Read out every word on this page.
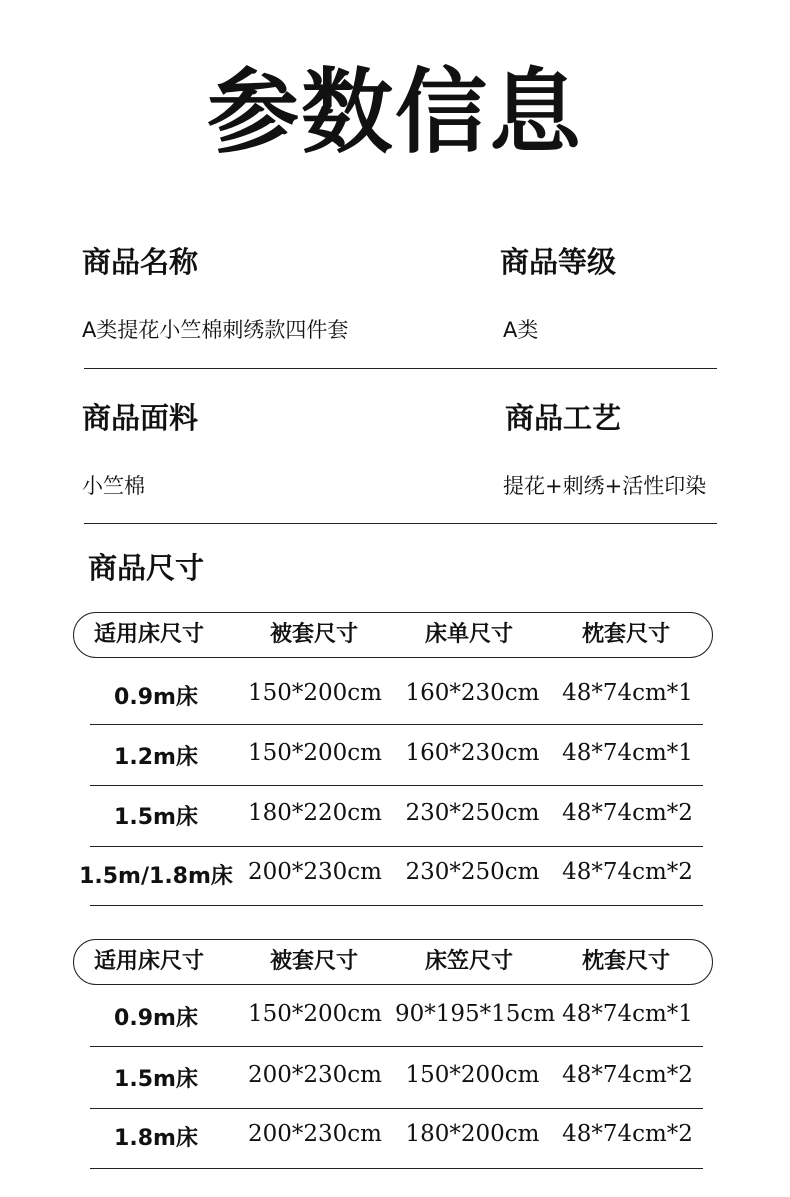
参数信息
商品名称	商品等级
A类提花小竺棉刺绣款四件套	A类
商品面料	商品工艺
小竺棉	提花+刺绣+活性印染
商品尺寸
适用床尺寸	被套尺寸	床单尺寸	枕套尺寸
0.9m床	150*200cm	160*230cm 48*74cm*1
1.2m床	150*200cm	160*230cm 48*74cm*1
1.5m床	180*220cm	230*250cm 48*74cm*2
1.5m/1.8m床 200*230cm	230*250cm 48*74cm*2
适用床尺寸	被套尺寸	床笠尺寸	枕套尺寸
0.9m床	150*200cm 90*195*15cm 48*74cm*1
1.5m床	200*230cm	150*200cm 48*74cm*2
1.8m床	200*230cm	180*200cm 48*74cm*2
